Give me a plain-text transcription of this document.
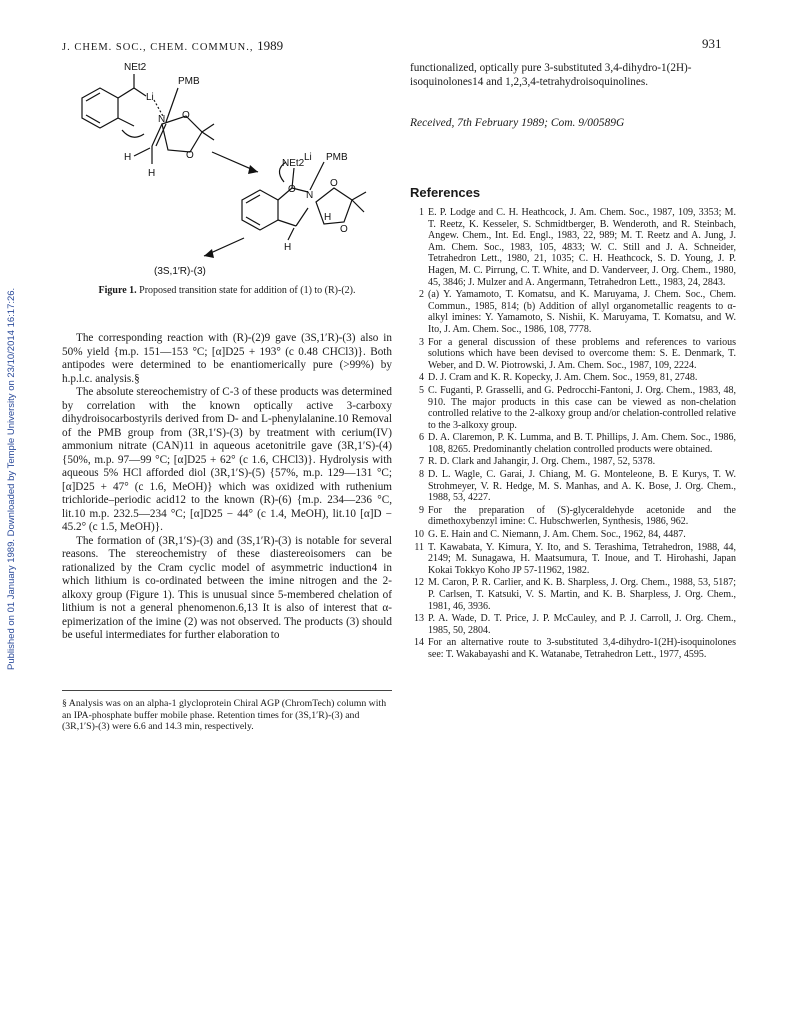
J. CHEM. SOC., CHEM. COMMUN., 1989	931
Published on 01 January 1989. Downloaded by Temple University on 23/10/2014 16:17:26.
NEt2
PMB
Li
O
O
N
H
H
NEt2
Li PMB
O
O
O
N
H
H
(3S,1′R)-(3)
Figure 1. Proposed transition state for addition of (1) to (R)-(2).

The corresponding reaction with (R)-(2)9 gave (3S,1′R)-(3) also in 50% yield {m.p. 151—153 °C; [α]D25 + 193° (c 0.48 CHCl3)}. Both antipodes were determined to be enantiomerically pure (>99%) by h.p.l.c. analysis.§

The absolute stereochemistry of C-3 of these products was determined by correlation with the known optically active 3-carboxy dihydroisocarbostyrils derived from D- and L-phenylalanine.10 Removal of the PMB group from (3R,1′S)-(3) by treatment with cerium(IV) ammonium nitrate (CAN)11 in aqueous acetonitrile gave (3R,1′S)-(4) {50%, m.p. 97—99 °C; [α]D25 + 62° (c 1.6, CHCl3)}. Hydrolysis with aqueous 5% HCl afforded diol (3R,1′S)-(5) {57%, m.p. 129—131 °C; [α]D25 + 47° (c 1.6, MeOH)} which was oxidized with ruthenium trichloride–periodic acid12 to the known (R)-(6) {m.p. 234—236 °C, lit.10 m.p. 232.5—234 °C; [α]D25 − 44° (c 1.4, MeOH), lit.10 [α]D − 45.2° (c 1.5, MeOH)}.

The formation of (3R,1′S)-(3) and (3S,1′R)-(3) is notable for several reasons. The stereochemistry of these diastereoisomers can be rationalized by the Cram cyclic model of asymmetric induction4 in which lithium is co-ordinated between the imine nitrogen and the 2-alkoxy group (Figure 1). This is unusual since 5-membered chelation of lithium is not a general phenomenon.6,13 It is also of interest that α-epimerization of the imine (2) was not observed. The products (3) should be useful intermediates for further elaboration to

§ Analysis was on an alpha-1 glycloprotein Chiral AGP (ChromTech) column with an IPA-phosphate buffer mobile phase. Retention times for (3S,1′R)-(3) and (3R,1′S)-(3) were 6.6 and 14.3 min, respectively.

functionalized, optically pure 3-substituted 3,4-dihydro-1(2H)-isoquinolones14 and 1,2,3,4-tetrahydroisoquinolines.

Received, 7th February 1989; Com. 9/00589G
References
1 E. P. Lodge and C. H. Heathcock, J. Am. Chem. Soc., 1987, 109, 3353; M. T. Reetz, K. Kesseler, S. Schmidtberger, B. Wenderoth, and R. Steinbach, Angew. Chem., Int. Ed. Engl., 1983, 22, 989; M. T. Reetz and A. Jung, J. Am. Chem. Soc., 1983, 105, 4833; W. C. Still and J. A. Schneider, Tetrahedron Lett., 1980, 21, 1035; C. H. Heathcock, S. D. Young, J. P. Hagen, M. C. Pirrung, C. T. White, and D. Vanderveer, J. Org. Chem., 1980, 45, 3846; J. Mulzer and A. Angermann, Tetrahedron Lett., 1983, 24, 2843.
2 (a) Y. Yamamoto, T. Komatsu, and K. Maruyama, J. Chem. Soc., Chem. Commun., 1985, 814; (b) Addition of allyl organometallic reagents to α-alkyl imines: Y. Yamamoto, S. Nishii, K. Maruyama, T. Komatsu, and W. Ito, J. Am. Chem. Soc., 1986, 108, 7778.
3 For a general discussion of these problems and references to various solutions which have been devised to overcome them: S. E. Denmark, T. Weber, and D. W. Piotrowski, J. Am. Chem. Soc., 1987, 109, 2224.
4 D. J. Cram and K. R. Kopecky, J. Am. Chem. Soc., 1959, 81, 2748.
5 C. Fuganti, P. Grasselli, and G. Pedrocchi-Fantoni, J. Org. Chem., 1983, 48, 910. The major products in this case can be viewed as non-chelation controlled relative to the 2-alkoxy group and/or chelation-controlled relative to the 3-alkoxy group.
6 D. A. Claremon, P. K. Lumma, and B. T. Phillips, J. Am. Chem. Soc., 1986, 108, 8265. Predominantly chelation controlled products were obtained.
7 R. D. Clark and Jahangir, J. Org. Chem., 1987, 52, 5378.
8 D. L. Wagle, C. Garai, J. Chiang, M. G. Monteleone, B. E Kurys, T. W. Strohmeyer, V. R. Hedge, M. S. Manhas, and A. K. Bose, J. Org. Chem., 1988, 53, 4227.
9 For the preparation of (S)-glyceraldehyde acetonide and the dimethoxybenzyl imine: C. Hubschwerlen, Synthesis, 1986, 962.
10 G. E. Hain and C. Niemann, J. Am. Chem. Soc., 1962, 84, 4487.
11 T. Kawabata, Y. Kimura, Y. Ito, and S. Terashima, Tetrahedron, 1988, 44, 2149; M. Sunagawa, H. Maatsumura, T. Inoue, and T. Hirohashi, Japan Kokai Tokkyo Koho JP 57-11962, 1982.
12 M. Caron, P. R. Carlier, and K. B. Sharpless, J. Org. Chem., 1988, 53, 5187; P. Carlsen, T. Katsuki, V. S. Martin, and K. B. Sharpless, J. Org. Chem., 1981, 46, 3936.
13 P. A. Wade, D. T. Price, J. P. McCauley, and P. J. Carroll, J. Org. Chem., 1985, 50, 2804.
14 For an alternative route to 3-substituted 3,4-dihydro-1(2H)-isoquinolones see: T. Wakabayashi and K. Watanabe, Tetrahedron Lett., 1977, 4595.
